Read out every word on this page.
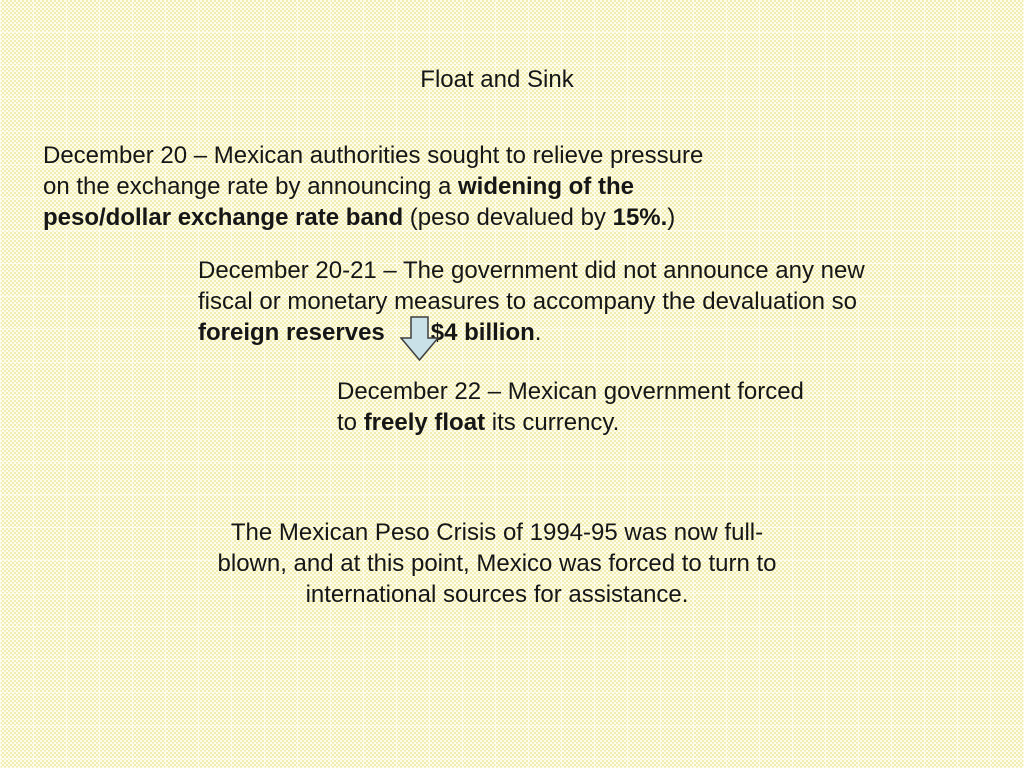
Float and Sink
December 20 – Mexican authorities sought to relieve pressure
on the exchange rate by announcing a widening of the
peso/dollar exchange rate band (peso devalued by 15%.)
December 20-21 – The government did not announce any new
fiscal or monetary measures to accompany the devaluation so
foreign reserves $4 billion.
December 22 – Mexican government forced
to freely float its currency.
The Mexican Peso Crisis of 1994-95 was now full-
blown, and at this point, Mexico was forced to turn to
international sources for assistance.
